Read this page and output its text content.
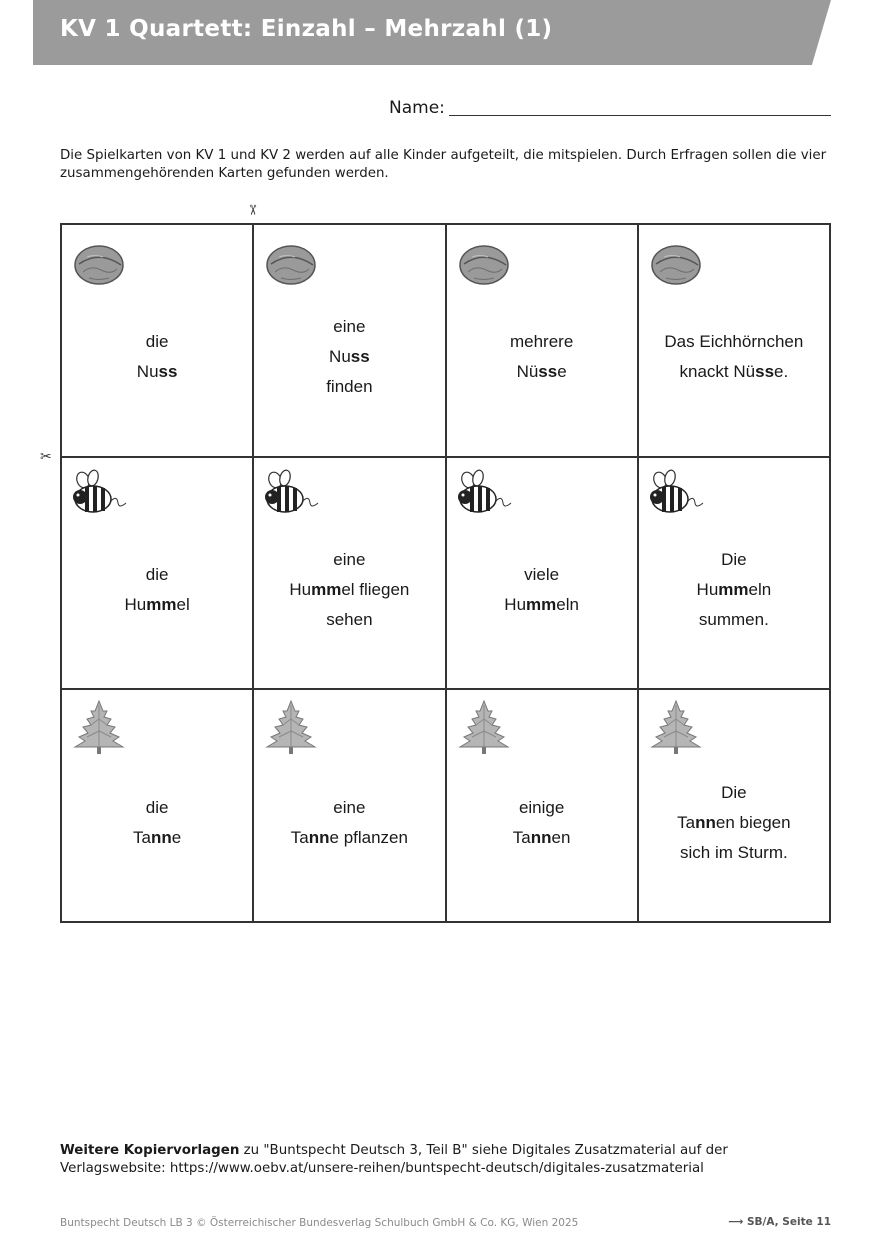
KV 1 Quartett: Einzahl – Mehrzahl (1)
Name:
Die Spielkarten von KV 1 und KV 2 werden auf alle Kinder aufgeteilt, die mitspielen. Durch Erfragen sollen die vier zusammengehörenden Karten gefunden werden.
✂
✂
die
Nuss
eine
Nuss
finden
mehrere
Nüsse
Das Eichhörnchen
knackt Nüsse.
die
Hummel
eine
Hummel fliegen
sehen
viele
Hummeln
Die
Hummeln
summen.
die
Tanne
eine
Tanne pflanzen
einige
Tannen
Die
Tannen biegen
sich im Sturm.
Weitere Kopiervorlagen zu "Buntspecht Deutsch 3, Teil B" siehe Digitales Zusatzmaterial auf der Verlagswebsite: https://www.oebv.at/unsere-reihen/buntspecht-deutsch/digitales-zusatzmaterial
Buntspecht Deutsch LB 3 © Österreichischer Bundesverlag Schulbuch GmbH & Co. KG, Wien 2025	⟶ SB/A, Seite 11
